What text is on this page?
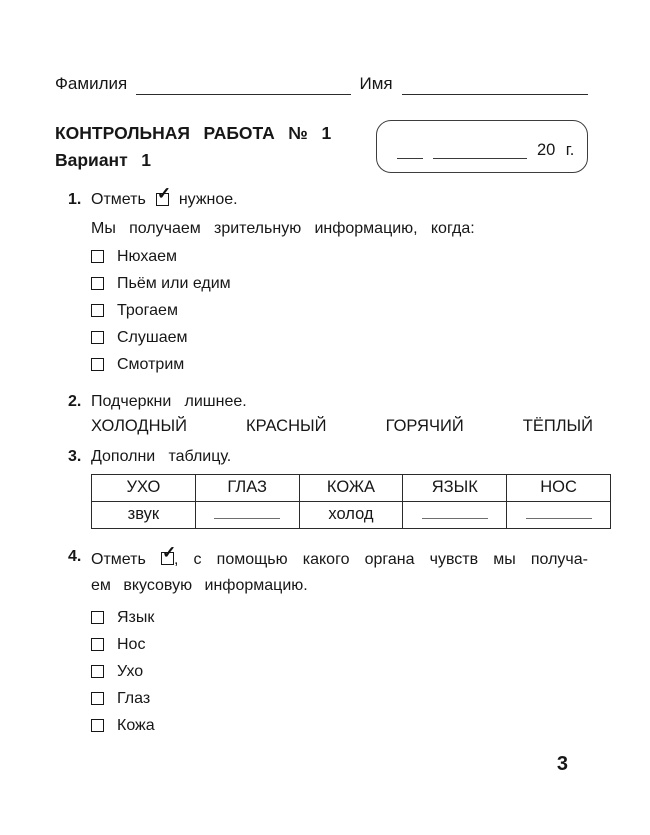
Фамилия	Имя
КОНТРОЛЬНАЯ РАБОТА № 1
Вариант 1	20 г.
1. Отметь ✓ нужное.
Мы получаем зрительную информацию, когда:
Нюхаем
Пьём или едим
Трогаем
Слушаем
Смотрим
2. Подчеркни лишнее.
ХОЛОДНЫЙ	КРАСНЫЙ	ГОРЯЧИЙ	ТЁПЛЫЙ
3. Дополни таблицу.
УХО	ГЛАЗ	КОЖА	ЯЗЫК	НОС
звук		холод		
4. Отметь ✓
, с помощью какого органа чувств мы получа-
ем вкусовую информацию.
Язык
Нос
Ухо
Глаз
Кожа
3
